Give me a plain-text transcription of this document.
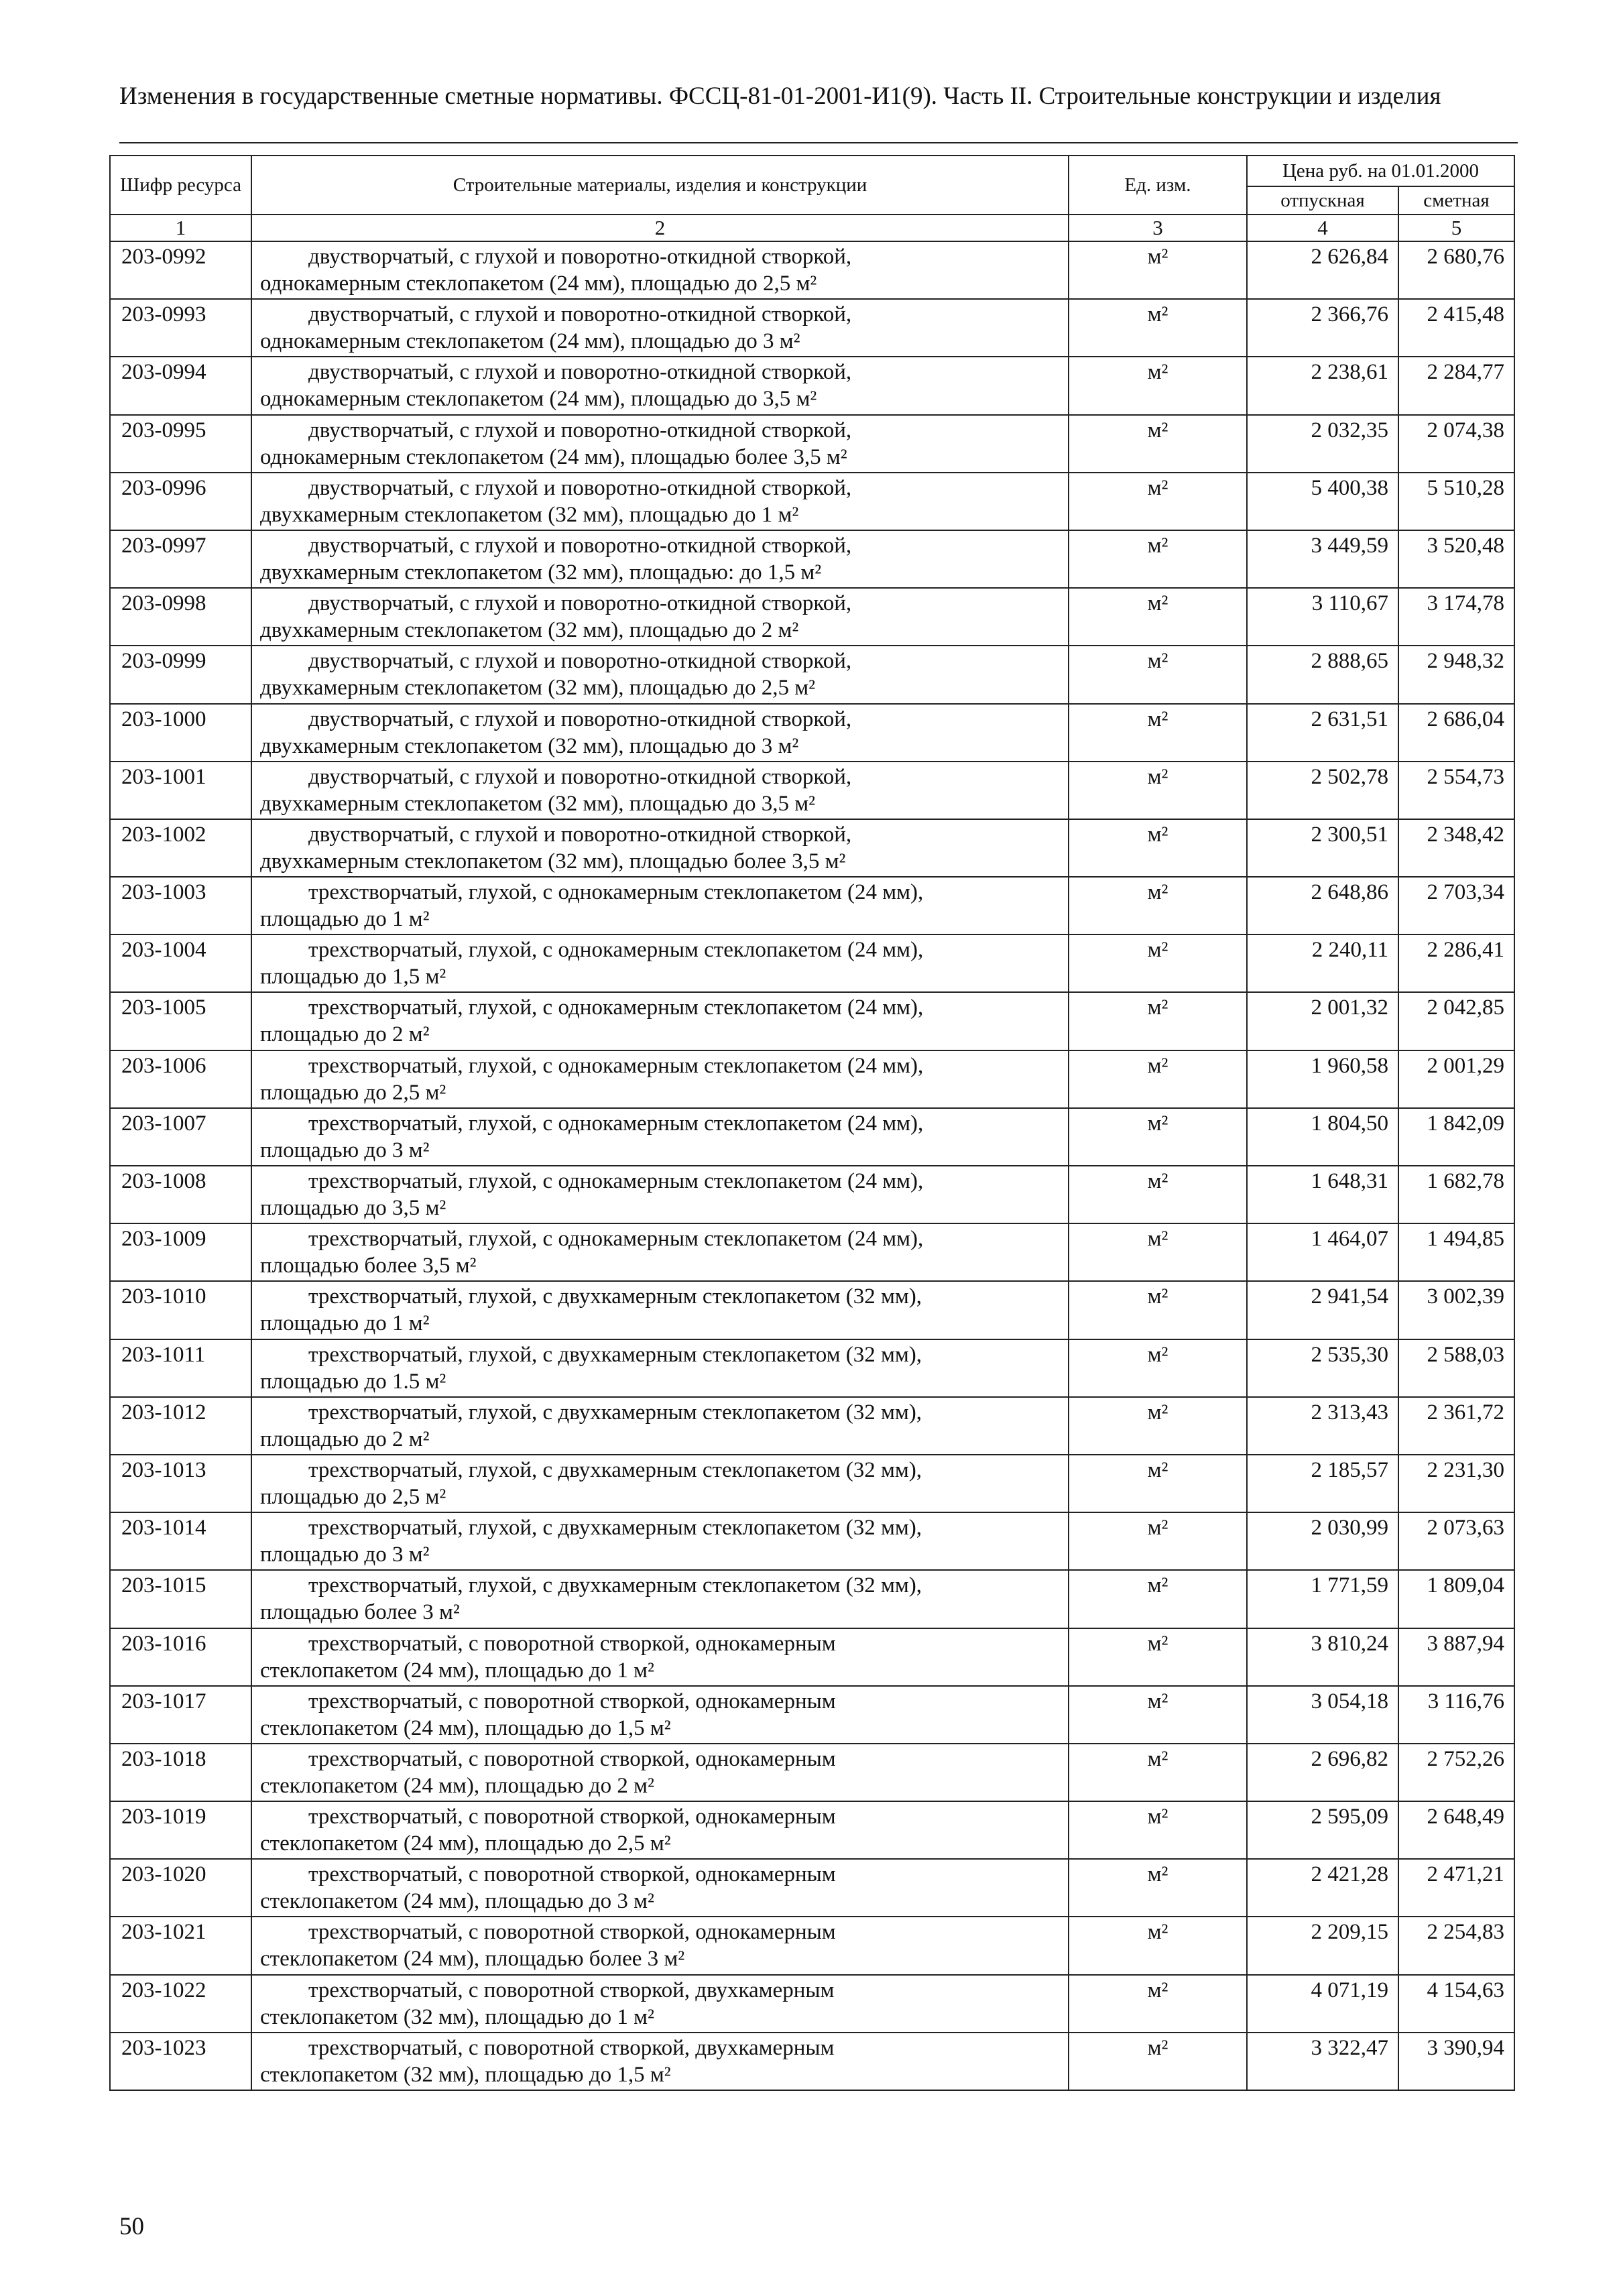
Изменения в государственные сметные нормативы. ФССЦ-81-01-2001-И1(9). Часть II. Строительные конструкции и изделия
Шифр ресурса	Строительные материалы, изделия и конструкции	Ед. изм.	Цена руб. на 01.01.2000	
			отпускная	сметная
1	2	3	4	5
203-0992	двустворчатый, с глухой и поворотно-откидной створкой,
однокамерным стеклопакетом (24 мм), площадью до 2,5 м²	м²	2 626,84	2 680,76
203-0993	двустворчатый, с глухой и поворотно-откидной створкой,
однокамерным стеклопакетом (24 мм), площадью до 3 м²	м²	2 366,76	2 415,48
203-0994	двустворчатый, с глухой и поворотно-откидной створкой,
однокамерным стеклопакетом (24 мм), площадью до 3,5 м²	м²	2 238,61	2 284,77
203-0995	двустворчатый, с глухой и поворотно-откидной створкой,
однокамерным стеклопакетом (24 мм), площадью более 3,5 м²	м²	2 032,35	2 074,38
203-0996	двустворчатый, с глухой и поворотно-откидной створкой,
двухкамерным стеклопакетом (32 мм), площадью до 1 м²	м²	5 400,38	5 510,28
203-0997	двустворчатый, с глухой и поворотно-откидной створкой,
двухкамерным стеклопакетом (32 мм), площадью: до 1,5 м²	м²	3 449,59	3 520,48
203-0998	двустворчатый, с глухой и поворотно-откидной створкой,
двухкамерным стеклопакетом (32 мм), площадью до 2 м²	м²	3 110,67	3 174,78
203-0999	двустворчатый, с глухой и поворотно-откидной створкой,
двухкамерным стеклопакетом (32 мм), площадью до 2,5 м²	м²	2 888,65	2 948,32
203-1000	двустворчатый, с глухой и поворотно-откидной створкой,
двухкамерным стеклопакетом (32 мм), площадью до 3 м²	м²	2 631,51	2 686,04
203-1001	двустворчатый, с глухой и поворотно-откидной створкой,
двухкамерным стеклопакетом (32 мм), площадью до 3,5 м²	м²	2 502,78	2 554,73
203-1002	двустворчатый, с глухой и поворотно-откидной створкой,
двухкамерным стеклопакетом (32 мм), площадью более 3,5 м²	м²	2 300,51	2 348,42
203-1003	трехстворчатый, глухой, с однокамерным стеклопакетом (24 мм),
площадью до 1 м²	м²	2 648,86	2 703,34
203-1004	трехстворчатый, глухой, с однокамерным стеклопакетом (24 мм),
площадью до 1,5 м²	м²	2 240,11	2 286,41
203-1005	трехстворчатый, глухой, с однокамерным стеклопакетом (24 мм),
площадью до 2 м²	м²	2 001,32	2 042,85
203-1006	трехстворчатый, глухой, с однокамерным стеклопакетом (24 мм),
площадью до 2,5 м²	м²	1 960,58	2 001,29
203-1007	трехстворчатый, глухой, с однокамерным стеклопакетом (24 мм),
площадью до 3 м²	м²	1 804,50	1 842,09
203-1008	трехстворчатый, глухой, с однокамерным стеклопакетом (24 мм),
площадью до 3,5 м²	м²	1 648,31	1 682,78
203-1009	трехстворчатый, глухой, с однокамерным стеклопакетом (24 мм),
площадью более 3,5 м²	м²	1 464,07	1 494,85
203-1010	трехстворчатый, глухой, с двухкамерным стеклопакетом (32 мм),
площадью до 1 м²	м²	2 941,54	3 002,39
203-1011	трехстворчатый, глухой, с двухкамерным стеклопакетом (32 мм),
площадью до 1.5 м²	м²	2 535,30	2 588,03
203-1012	трехстворчатый, глухой, с двухкамерным стеклопакетом (32 мм),
площадью до 2 м²	м²	2 313,43	2 361,72
203-1013	трехстворчатый, глухой, с двухкамерным стеклопакетом (32 мм),
площадью до 2,5 м²	м²	2 185,57	2 231,30
203-1014	трехстворчатый, глухой, с двухкамерным стеклопакетом (32 мм),
площадью до 3 м²	м²	2 030,99	2 073,63
203-1015	трехстворчатый, глухой, с двухкамерным стеклопакетом (32 мм),
площадью более 3 м²	м²	1 771,59	1 809,04
203-1016	трехстворчатый, с поворотной створкой, однокамерным
стеклопакетом (24 мм), площадью до 1 м²	м²	3 810,24	3 887,94
203-1017	трехстворчатый, с поворотной створкой, однокамерным
стеклопакетом (24 мм), площадью до 1,5 м²	м²	3 054,18	3 116,76
203-1018	трехстворчатый, с поворотной створкой, однокамерным
стеклопакетом (24 мм), площадью до 2 м²	м²	2 696,82	2 752,26
203-1019	трехстворчатый, с поворотной створкой, однокамерным
стеклопакетом (24 мм), площадью до 2,5 м²	м²	2 595,09	2 648,49
203-1020	трехстворчатый, с поворотной створкой, однокамерным
стеклопакетом (24 мм), площадью до 3 м²	м²	2 421,28	2 471,21
203-1021	трехстворчатый, с поворотной створкой, однокамерным
стеклопакетом (24 мм), площадью более 3 м²	м²	2 209,15	2 254,83
203-1022	трехстворчатый, с поворотной створкой, двухкамерным
стеклопакетом (32 мм), площадью до 1 м²	м²	4 071,19	4 154,63
203-1023	трехстворчатый, с поворотной створкой, двухкамерным
стеклопакетом (32 мм), площадью до 1,5 м²	м²	3 322,47	3 390,94
50
